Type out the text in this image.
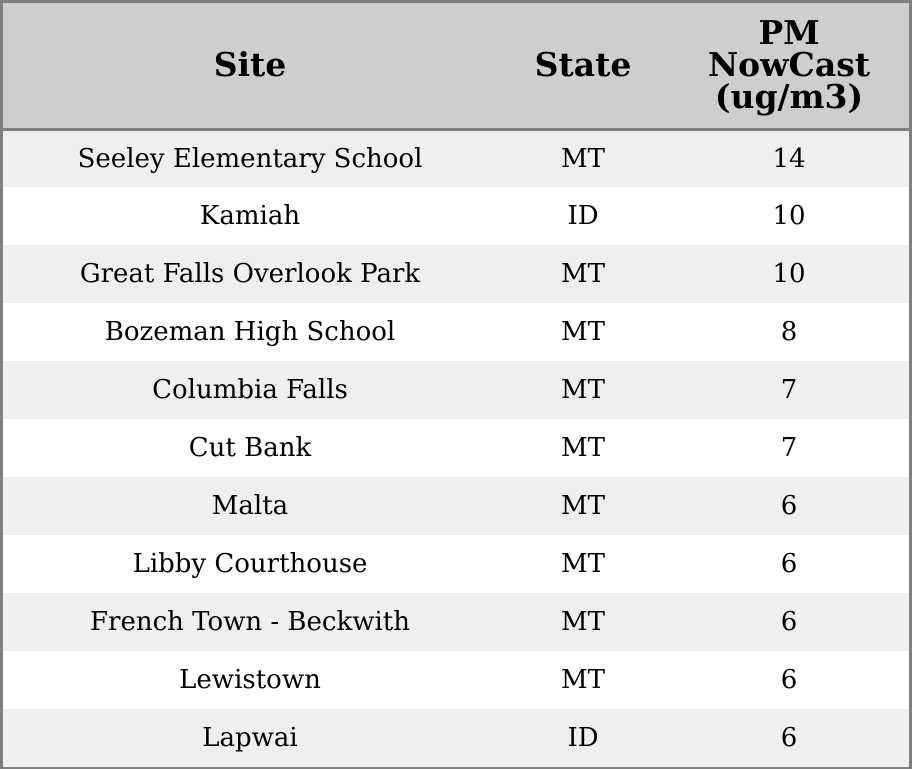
Site	State	PM
NowCast
(ug/m3)

Seeley Elementary School	MT	14
Kamiah	ID	10
Great Falls Overlook Park	MT	10
Bozeman High School	MT	8
Columbia Falls	MT	7
Cut Bank	MT	7
Malta	MT	6
Libby Courthouse	MT	6
French Town - Beckwith	MT	6
Lewistown	MT	6
Lapwai	ID	6
